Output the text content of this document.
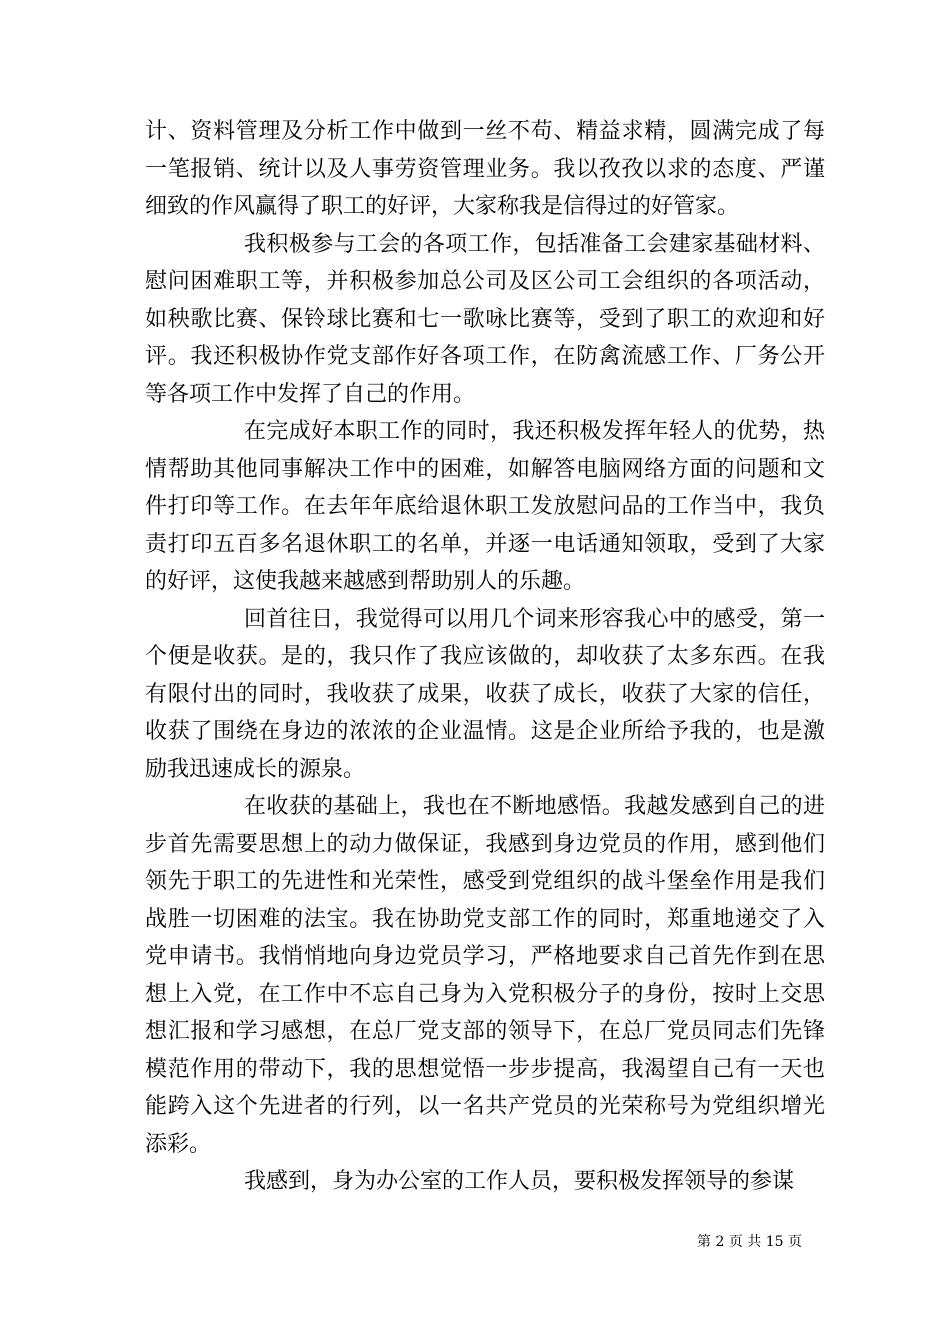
计、资料管理及分析工作中做到一丝不苟、精益求精，圆满完成了每一笔报销、统计以及人事劳资管理业务。我以孜孜以求的态度、严谨细致的作风赢得了职工的好评，大家称我是信得过的好管家。

我积极参与工会的各项工作，包括准备工会建家基础材料、慰问困难职工等，并积极参加总公司及区公司工会组织的各项活动，如秧歌比赛、保铃球比赛和七一歌咏比赛等，受到了职工的欢迎和好评。我还积极协作党支部作好各项工作，在防禽流感工作、厂务公开等各项工作中发挥了自己的作用。

在完成好本职工作的同时，我还积极发挥年轻人的优势，热情帮助其他同事解决工作中的困难，如解答电脑网络方面的问题和文件打印等工作。在去年年底给退休职工发放慰问品的工作当中，我负责打印五百多名退休职工的名单，并逐一电话通知领取，受到了大家的好评，这使我越来越感到帮助别人的乐趣。

回首往日，我觉得可以用几个词来形容我心中的感受，第一个便是收获。是的，我只作了我应该做的，却收获了太多东西。在我有限付出的同时，我收获了成果，收获了成长，收获了大家的信任，收获了围绕在身边的浓浓的企业温情。这是企业所给予我的，也是激励我迅速成长的源泉。

在收获的基础上，我也在不断地感悟。我越发感到自己的进步首先需要思想上的动力做保证，我感到身边党员的作用，感到他们领先于职工的先进性和光荣性，感受到党组织的战斗堡垒作用是我们战胜一切困难的法宝。我在协助党支部工作的同时，郑重地递交了入党申请书。我悄悄地向身边党员学习，严格地要求自己首先作到在思想上入党，在工作中不忘自己身为入党积极分子的身份，按时上交思想汇报和学习感想，在总厂党支部的领导下，在总厂党员同志们先锋模范作用的带动下，我的思想觉悟一步步提高，我渴望自己有一天也能跨入这个先进者的行列，以一名共产党员的光荣称号为党组织增光添彩。

我感到，身为办公室的工作人员，要积极发挥领导的参谋

第 2 页 共 15 页
